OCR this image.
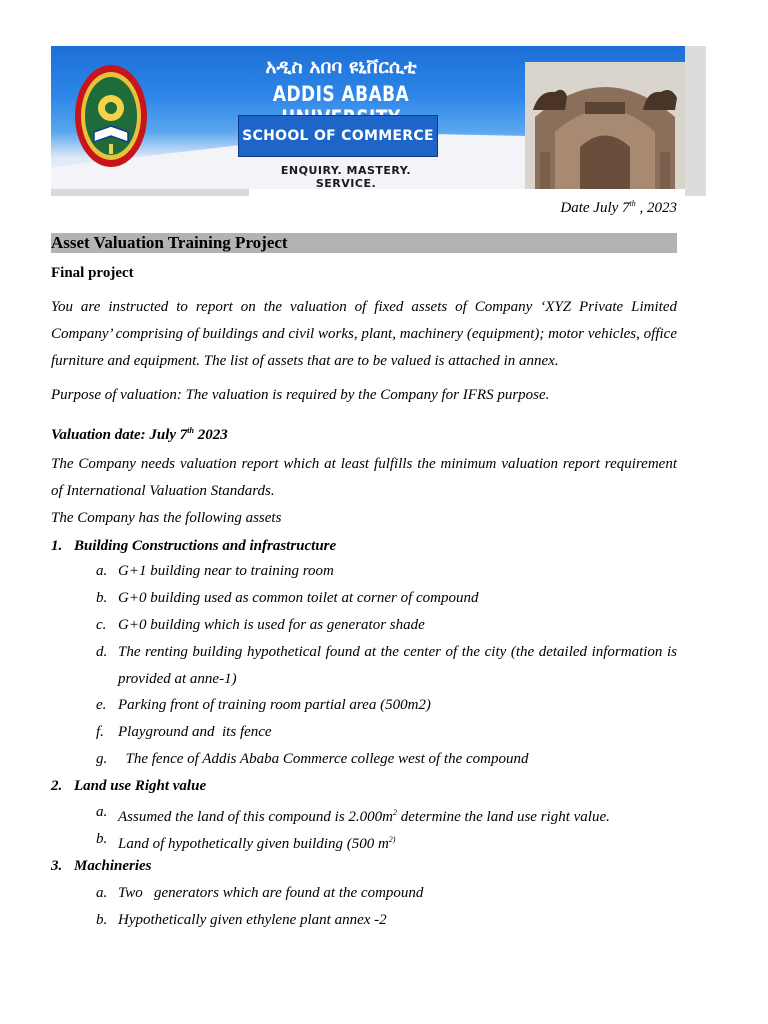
አዲስ አበባ ዩኒቨርሲቲ
ADDIS ABABA
SCHOOL OF COMMERCE
ENQUIRY. MASTERY. SERVICE.
Date July 7th , 2023
Asset Valuation Training Project
Final project
You are instructed to report on the valuation of fixed assets of Company ‘XYZ Private Limited Company’ comprising of buildings and civil works, plant, machinery (equipment); motor vehicles, office furniture and equipment. The list of assets that are to be valued is attached in annex.
Purpose of valuation: The valuation is required by the Company for IFRS purpose.
Valuation date: July 7th 2023
The Company needs valuation report which at least fulfills the minimum valuation report requirement of International Valuation Standards.
The Company has the following assets
1. Building Constructions and infrastructure
a. G+1 building near to training room
b. G+0 building used as common toilet at corner of compound
c. G+0 building which is used for as generator shade
d. The renting building hypothetical found at the center of the city (the detailed information is provided at anne-1)
e. Parking front of training room partial area (500m2)
f. Playground and  its fence
g. The fence of Addis Ababa Commerce college west of the compound
2. Land use Right value
a. Assumed the land of this compound is $2.000m^2$ determine the land use right value.
b. Land of hypothetically given building (500 $m^{2)}$
3. Machineries
a. Two   generators which are found at the compound
b. Hypothetically given ethylene plant annex -2
